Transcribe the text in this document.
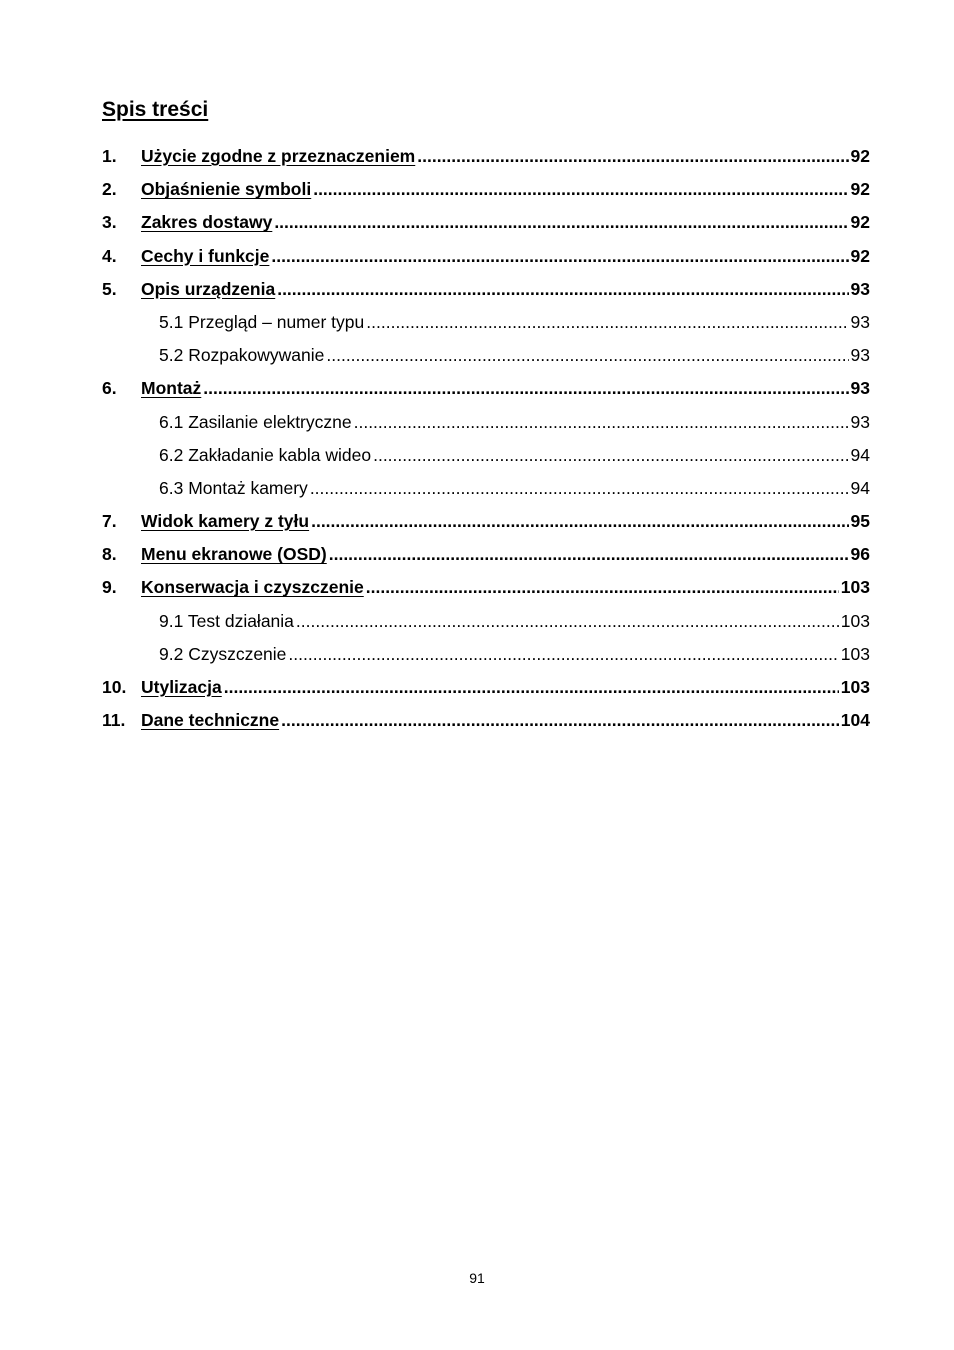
Spis treści
1.	Użycie zgodne z przeznaczeniem .....	92
2.	Objaśnienie symboli .....	92
3.	Zakres dostawy .....	92
4.	Cechy i funkcje .....	92
5.	Opis urządzenia .....	93
5.1 Przegląd – numer typu .....	93
5.2 Rozpakowywanie .....	93
6.	Montaż .....	93
6.1 Zasilanie elektryczne .....	93
6.2 Zakładanie kabla wideo .....	94
6.3 Montaż kamery .....	94
7.	Widok kamery z tyłu .....	95
8.	Menu ekranowe (OSD) .....	96
9.	Konserwacja i czyszczenie .....	103
9.1 Test działania .....	103
9.2 Czyszczenie .....	103
10. Utylizacja .....	103
11. Dane techniczne .....	104
91
